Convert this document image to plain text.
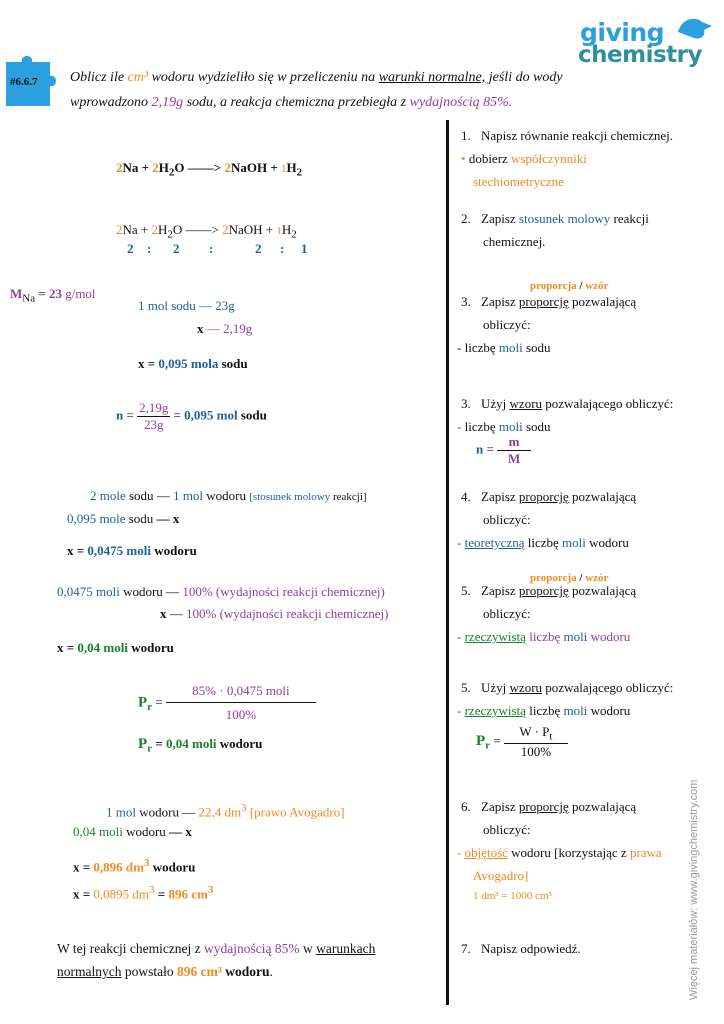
#6.6.7
giving
chemistry
Oblicz ile cm³ wodoru wydzieliło się w przeliczeniu na warunki normalne, jeśli do wody
wprowadzono 2,19g sodu, a reakcja chemiczna przebiegła z wydajnością 85%.
$2Na + 2H_2O$ ——> 2NaOH + $1H_2$
$2Na + 2H_2O$ ——> 2NaOH + $1H_2$
2 : 2 :	2 : 1
$M_{Na} = 23$ g/mol
1 mol sodu — 23g
x — 2,19g
x = 0,095 mola sodu
$n = \frac{2,19g}{23g} = 0,095$ mol sodu
2 mole sodu — 1 mol wodoru [stosunek molowy reakcji]
0,095 mole sodu — x
x = 0,0475 moli wodoru
0,0475 moli wodoru — 100% (wydajności reakcji chemicznej)
x — 100% (wydajności reakcji chemicznej)
x = 0,04 moli wodoru
$P_r = \frac{\text{85\% · 0,0475 moli}}{100\%}$
$P_r = 0,04$ moli wodoru
1 mol wodoru — 22,4 $dm^3$ [prawo Avogadro]
0,04 moli wodoru — x
x = 0,896 $dm^3$ wodoru
x = 0,0895 $dm^3 = 896$ $cm^3$
W tej reakcji chemicznej z wydajnością 85% w warunkach
normalnych powstało 896 cm³ wodoru.
1. Napisz równanie reakcji chemicznej.
• dobierz współczynniki
stechiometryczne
2. Zapisz stosunek molowy reakcji
chemicznej.
proporcja / wzór
3. Zapisz proporcję pozwalającą
obliczyć:
- liczbę moli sodu
3. Użyj wzoru pozwalającego obliczyć:
- liczbę moli sodu
$n = \frac{m}{M}$
4. Zapisz proporcję pozwalającą
obliczyć:
- teoretyczną liczbę moli wodoru
proporcja / wzór
5. Zapisz proporcję pozwalającą
obliczyć:
- rzeczywistą liczbę moli wodoru
5. Użyj wzoru pozwalającego obliczyć:
- rzeczywistą liczbę moli wodoru
$P_r = \frac{W \cdot P_t}{100\%}$
6. Zapisz proporcję pozwalającą
obliczyć:
- objętość wodoru [korzystając z prawa
Avogadro]
1 dm³ = 1000 cm³
7. Napisz odpowiedź.	Więcej materiałów: www.givingchemistry.com
